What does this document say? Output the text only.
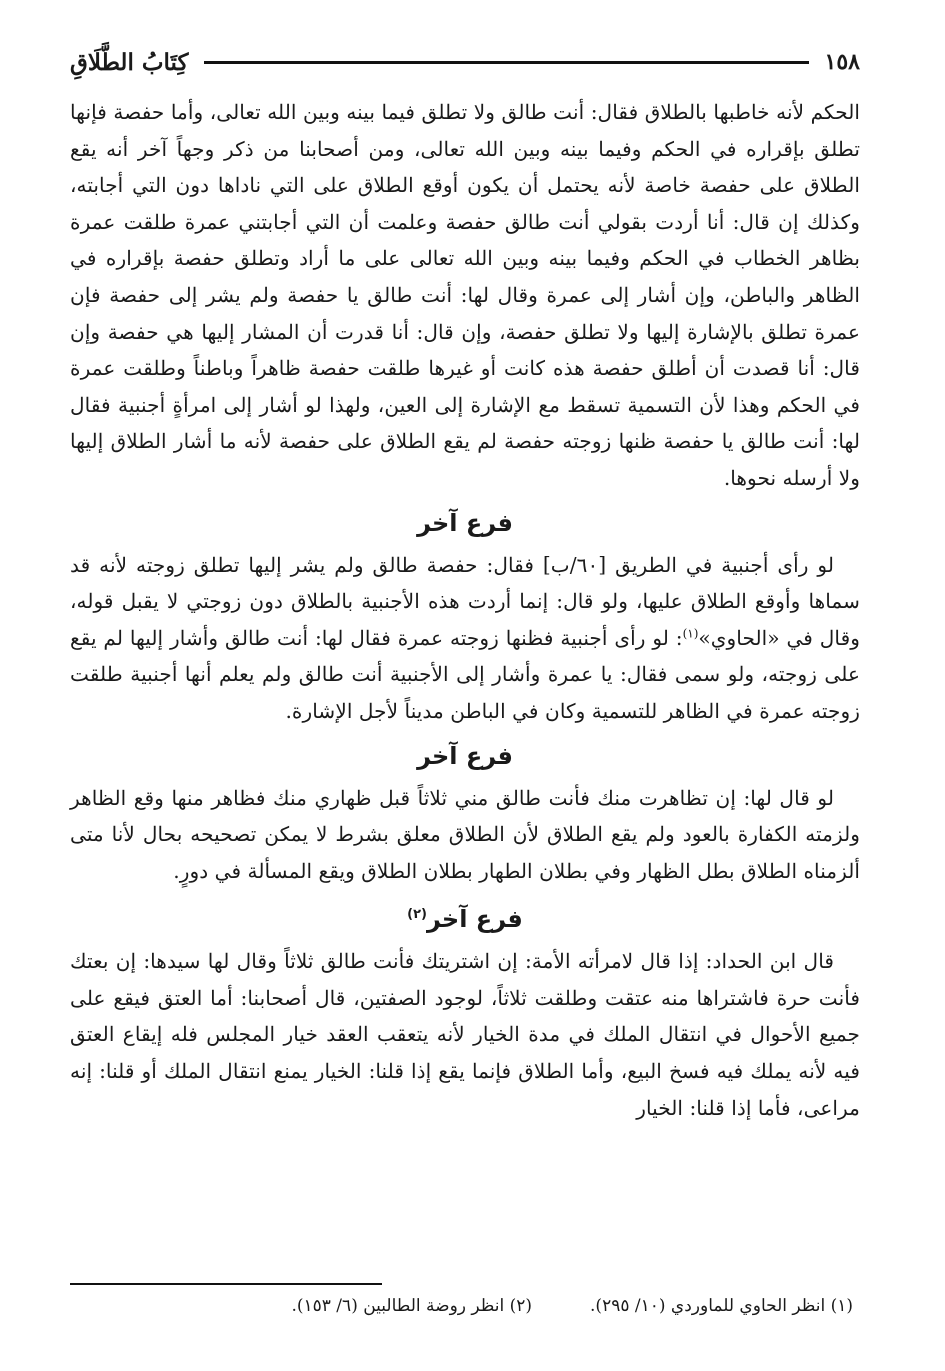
١٥٨
كِتَابُ الطَّلَاقِ

الحكم لأنه خاطبها بالطلاق فقال: أنت طالق ولا تطلق فيما بينه وبين الله تعالى، وأما حفصة فإنها تطلق بإقراره في الحكم وفيما بينه وبين الله تعالى، ومن أصحابنا من ذكر وجهاً آخر أنه يقع الطلاق على حفصة خاصة لأنه يحتمل أن يكون أوقع الطلاق على التي ناداها دون التي أجابته، وكذلك إن قال: أنا أردت بقولي أنت طالق حفصة وعلمت أن التي أجابتني عمرة طلقت عمرة بظاهر الخطاب في الحكم وفيما بينه وبين الله تعالى على ما أراد وتطلق حفصة بإقراره في الظاهر والباطن، وإن أشار إلى عمرة وقال لها: أنت طالق يا حفصة ولم يشر إلى حفصة فإن عمرة تطلق بالإشارة إليها ولا تطلق حفصة، وإن قال: أنا قدرت أن المشار إليها هي حفصة وإن قال: أنا قصدت أن أطلق حفصة هذه كانت أو غيرها طلقت حفصة ظاهراً وباطناً وطلقت عمرة في الحكم وهذا لأن التسمية تسقط مع الإشارة إلى العين، ولهذا لو أشار إلى امرأةٍ أجنبية فقال لها: أنت طالق يا حفصة ظنها زوجته حفصة لم يقع الطلاق على حفصة لأنه ما أشار الطلاق إليها ولا أرسله نحوها.

فرع آخر

لو رأى أجنبية في الطريق [٦٠/ب] فقال: حفصة طالق ولم يشر إليها تطلق زوجته لأنه قد سماها وأوقع الطلاق عليها، ولو قال: إنما أردت هذه الأجنبية بالطلاق دون زوجتي لا يقبل قوله، وقال في «الحاوي»$^{(١)}$: لو رأى أجنبية فظنها زوجته عمرة فقال لها: أنت طالق وأشار إليها لم يقع على زوجته، ولو سمى فقال: يا عمرة وأشار إلى الأجنبية أنت طالق ولم يعلم أنها أجنبية طلقت زوجته عمرة في الظاهر للتسمية وكان في الباطن مديناً لأجل الإشارة.

فرع آخر

لو قال لها: إن تظاهرت منك فأنت طالق مني ثلاثاً قبل ظهاري منك فظاهر منها وقع الظاهر ولزمته الكفارة بالعود ولم يقع الطلاق لأن الطلاق معلق بشرط لا يمكن تصحيحه بحال لأنا متى ألزمناه الطلاق بطل الظهار وفي بطلان الطهار بطلان الطلاق ويقع المسألة في دورٍ.

فرع آخر$^{(٢)}$

قال ابن الحداد: إذا قال لامرأته الأمة: إن اشتريتك فأنت طالق ثلاثاً وقال لها سيدها: إن بعتك فأنت حرة فاشتراها منه عتقت وطلقت ثلاثاً، لوجود الصفتين، قال أصحابنا: أما العتق فيقع على جميع الأحوال في انتقال الملك في مدة الخيار لأنه يتعقب العقد خيار المجلس فله إيقاع العتق فيه لأنه يملك فيه فسخ البيع، وأما الطلاق فإنما يقع إذا قلنا: الخيار يمنع انتقال الملك أو قلنا: إنه مراعى، فأما إذا قلنا: الخيار

(١) انظر الحاوي للماوردي (١٠/ ٢٩٥).
(٢) انظر روضة الطالبين (٦/ ١٥٣).
